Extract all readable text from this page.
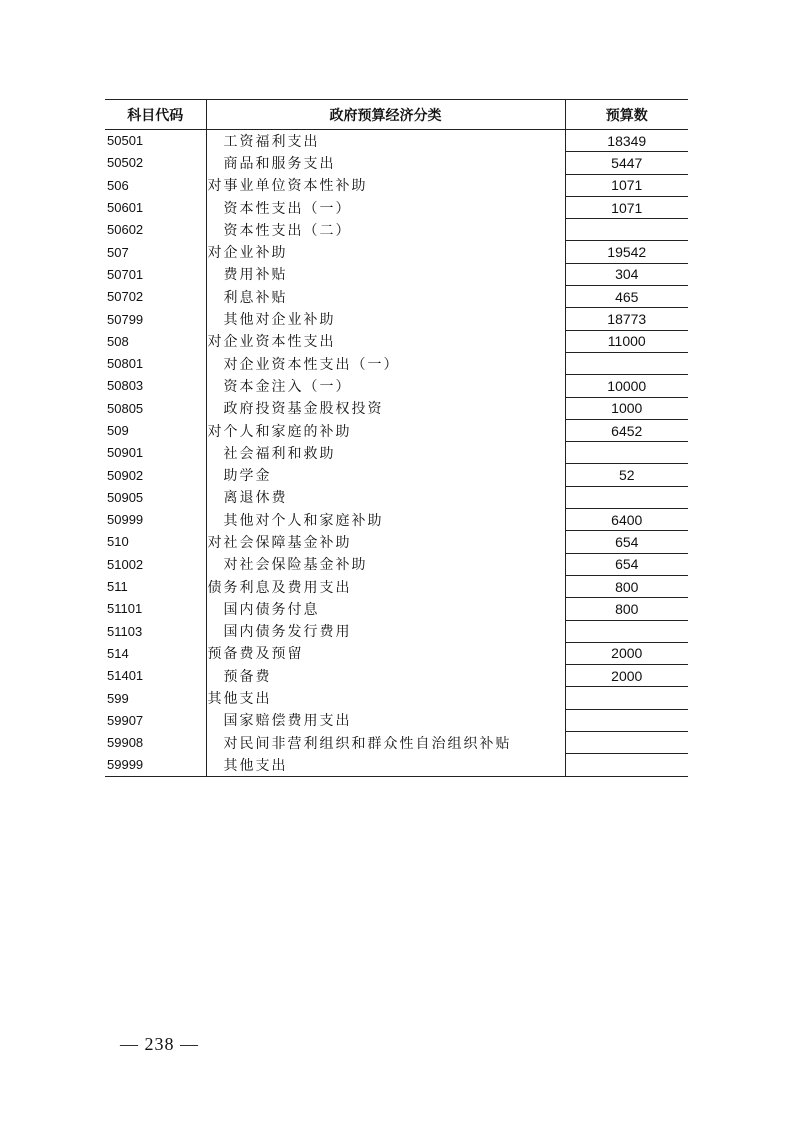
科目代码	政府预算经济分类	预算数
50501	工资福利支出	18349
50502	商品和服务支出	5447
506	对事业单位资本性补助	1071
50601	资本性支出（一）	1071
50602	资本性支出（二）	
507	对企业补助	19542
50701	费用补贴	304
50702	利息补贴	465
50799	其他对企业补助	18773
508	对企业资本性支出	11000
50801	对企业资本性支出（一）	
50803	资本金注入（一）	10000
50805	政府投资基金股权投资	1000
509	对个人和家庭的补助	6452
50901	社会福利和救助	
50902	助学金	52
50905	离退休费	
50999	其他对个人和家庭补助	6400
510	对社会保障基金补助	654
51002	对社会保险基金补助	654
511	债务利息及费用支出	800
51101	国内债务付息	800
51103	国内债务发行费用	
514	预备费及预留	2000
51401	预备费	2000
599	其他支出	
59907	国家赔偿费用支出	
59908	对民间非营利组织和群众性自治组织补贴	
59999	其他支出	
— 238 —
